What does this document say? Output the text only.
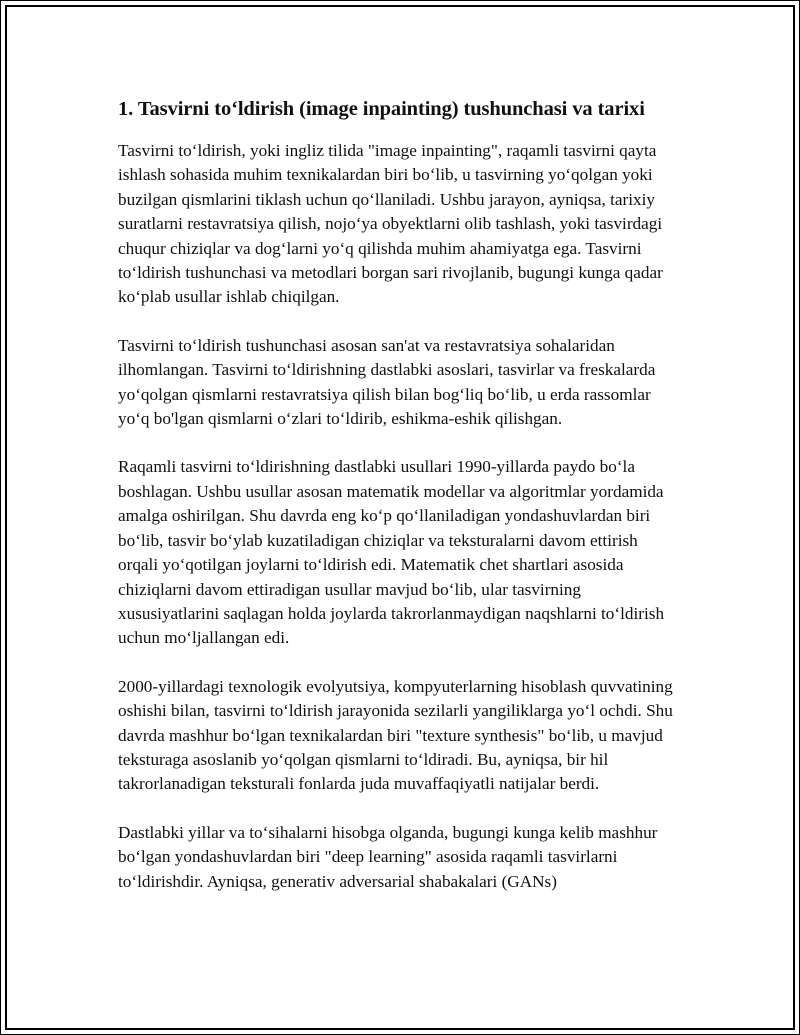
1. Tasvirni to‘ldirish (image inpainting) tushunchasi va tarixi

Tasvirni to‘ldirish, yoki ingliz tilida "image inpainting", raqamli tasvirni qayta ishlash sohasida muhim texnikalardan biri bo‘lib, u tasvirning yo‘qolgan yoki buzilgan qismlarini tiklash uchun qo‘llaniladi. Ushbu jarayon, ayniqsa, tarixiy suratlarni restavratsiya qilish, nojo‘ya obyektlarni olib tashlash, yoki tasvirdagi chuqur chiziqlar va dog‘larni yo‘q qilishda muhim ahamiyatga ega. Tasvirni to‘ldirish tushunchasi va metodlari borgan sari rivojlanib, bugungi kunga qadar ko‘plab usullar ishlab chiqilgan.

Tasvirni to‘ldirish tushunchasi asosan san'at va restavratsiya sohalaridan ilhomlangan. Tasvirni to‘ldirishning dastlabki asoslari, tasvirlar va freskalarda yo‘qolgan qismlarni restavratsiya qilish bilan bog‘liq bo‘lib, u erda rassomlar yo‘q bo'lgan qismlarni o‘zlari to‘ldirib, eshikma-eshik qilishgan.

Raqamli tasvirni to‘ldirishning dastlabki usullari 1990-yillarda paydo bo‘la boshlagan. Ushbu usullar asosan matematik modellar va algoritmlar yordamida amalga oshirilgan. Shu davrda eng ko‘p qo‘llaniladigan yondashuvlardan biri bo‘lib, tasvir bo‘ylab kuzatiladigan chiziqlar va teksturalarni davom ettirish orqali yo‘qotilgan joylarni to‘ldirish edi. Matematik chet shartlari asosida chiziqlarni davom ettiradigan usullar mavjud bo‘lib, ular tasvirning xususiyatlarini saqlagan holda joylarda takrorlanmaydigan naqshlarni to‘ldirish uchun mo‘ljallangan edi.

2000-yillardagi texnologik evolyutsiya, kompyuterlarning hisoblash quvvatining oshishi bilan, tasvirni to‘ldirish jarayonida sezilarli yangiliklarga yo‘l ochdi. Shu davrda mashhur bo‘lgan texnikalardan biri "texture synthesis" bo‘lib, u mavjud teksturaga asoslanib yo‘qolgan qismlarni to‘ldiradi. Bu, ayniqsa, bir hil takrorlanadigan teksturali fonlarda juda muvaffaqiyatli natijalar berdi.

Dastlabki yillar va to‘sihalarni hisobga olganda, bugungi kunga kelib mashhur bo‘lgan yondashuvlardan biri "deep learning" asosida raqamli tasvirlarni to‘ldirishdir. Ayniqsa, generativ adversarial shabakalari (GANs)
